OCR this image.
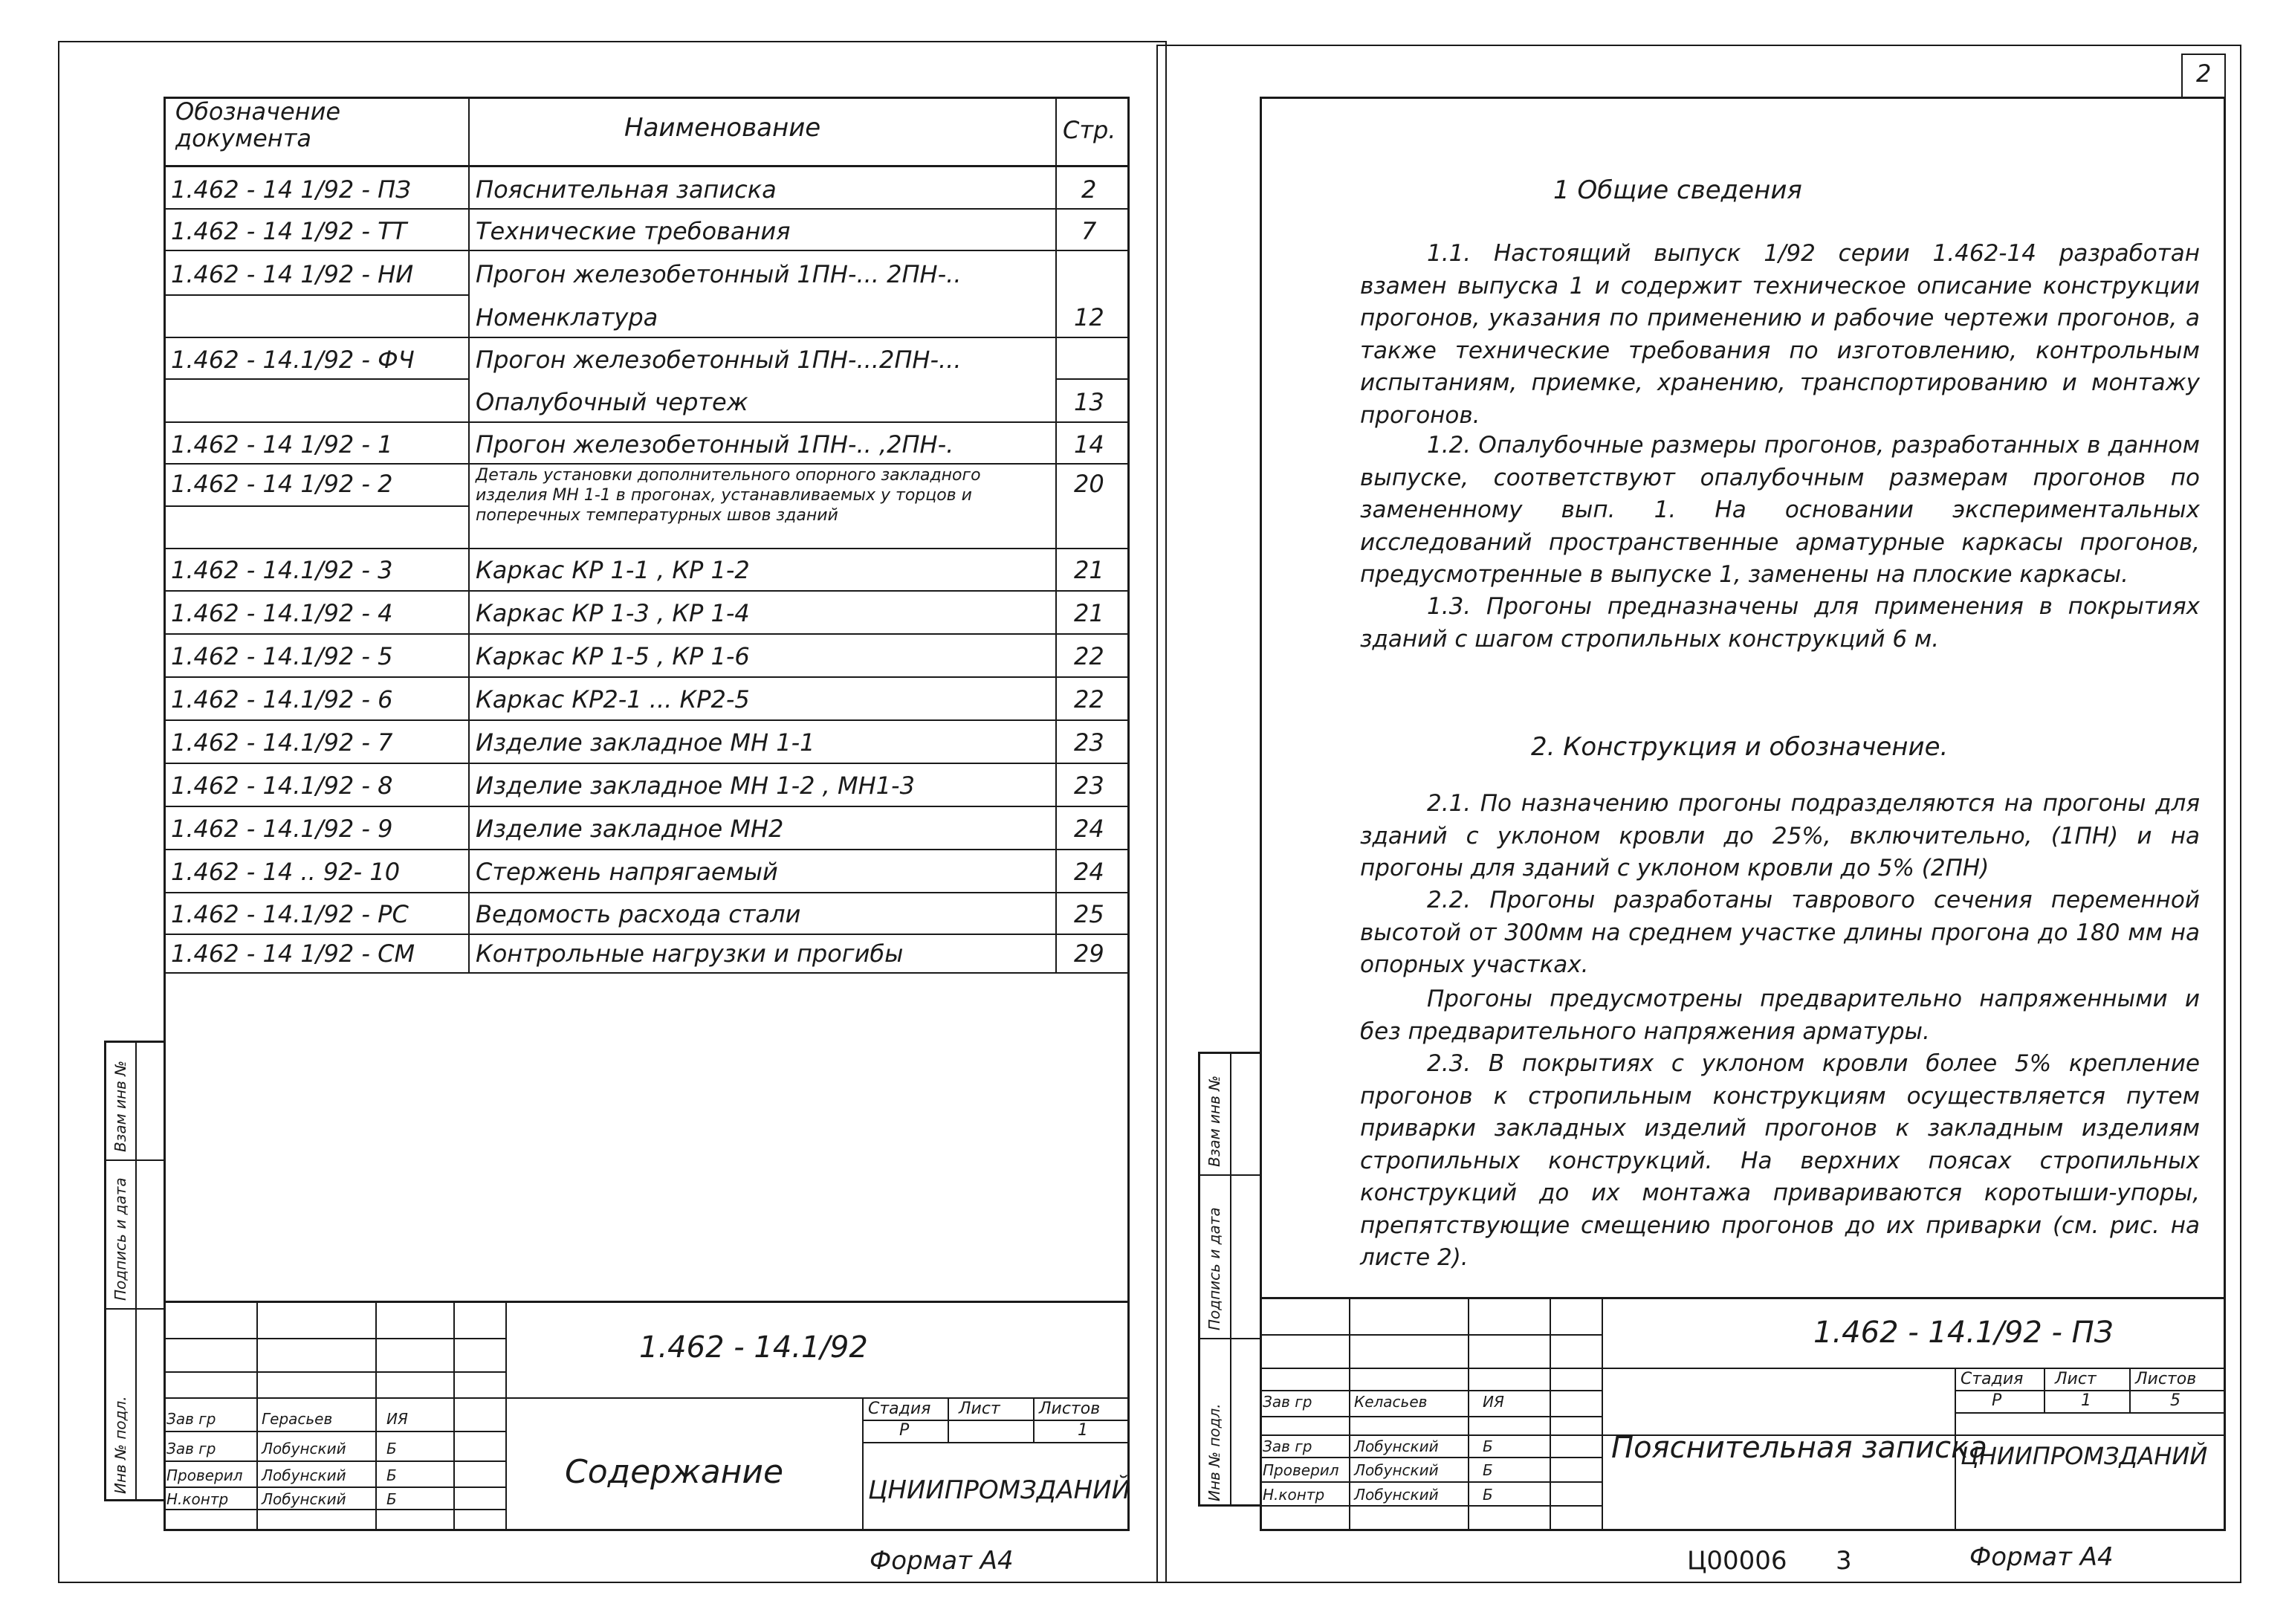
Инв № подл.
Подпись и дата
Взам инв №
Обозначение документа	Наименование	Стр.
1.462 - 14 1/92 - ПЗ	Пояснительная записка	2
1.462 - 14 1/92 - ТТ	Технические требования	7
1.462 - 14 1/92 - НИ	Прогон железобетонный 1ПН-... 2ПН-..
Номенклатура	12
1.462 - 14.1/92 - ФЧ	Прогон железобетонный 1ПН-...2ПН-...
Опалубочный чертеж	13
1.462 - 14 1/92 - 1	Прогон железобетонный 1ПН-.. ,2ПН-.	14
1.462 - 14 1/92 - 2	Деталь установки дополнительного опорного закладного изделия МН 1-1 в прогонах, устанавливаемых у торцов и поперечных температурных швов зданий
20
1.462 - 14.1/92 - 3	Каркас КР 1-1 , КР 1-2	21
1.462 - 14.1/92 - 4	Каркас КР 1-3 , КР 1-4	21
1.462 - 14.1/92 - 5	Каркас КР 1-5 , КР 1-6	22
1.462 - 14.1/92 - 6	Каркас КР2-1 ... КР2-5	22
1.462 - 14.1/92 - 7	Изделие закладное МН 1-1	23
1.462 - 14.1/92 - 8	Изделие закладное МН 1-2 , МН1-3	23
1.462 - 14.1/92 - 9	Изделие закладное МН2	24
1.462 - 14 .. 92- 10	Стержень напрягаемый	24
1.462 - 14.1/92 - РС	Ведомость расхода стали	25
1.462 - 14 1/92 - СМ	Контрольные нагрузки и прогибы	29
1.462 - 14.1/92
Содержание
Стадия Лист Листов
Р	1
ЦНИИПРОМЗДАНИЙ
Зав гр	Герасьев	ИЯ
Зав гр	Лобунский	Б
Проверил Лобунский	Б
Н.контр Лобунский	Б
Формат А4
2
Инв № подл.
Подпись и дата
Взам инв №
1 Общие сведения

1.1. Настоящий выпуск 1/92 серии 1.462-14 разработан взамен выпуска 1 и содержит техническое описание конструкции прогонов, указания по применению и рабочие чертежи прогонов, а также технические требования по изготовлению, контрольным испытаниям, приемке, хранению, транспортированию и монтажу прогонов.

1.2. Опалубочные размеры прогонов, разработанных в данном выпуске, соответствуют опалубочным размерам прогонов по замененному вып. 1. На основании экспериментальных исследований пространственные арматурные каркасы прогонов, предусмотренные в выпуске 1, заменены на плоские каркасы.

1.3. Прогоны предназначены для применения в покрытиях зданий с шагом стропильных конструкций 6 м.

2. Конструкция и обозначение.

2.1. По назначению прогоны подразделяются на прогоны для зданий с уклоном кровли до 25%, включительно, (1ПН) и на прогоны для зданий с уклоном кровли до 5% (2ПН)

2.2. Прогоны разработаны таврового сечения переменной высотой от 300мм на среднем участке длины прогона до 180 мм на опорных участках.

Прогоны предусмотрены предварительно напряженными и без предварительного напряжения арматуры.

2.3. В покрытиях с уклоном кровли более 5% крепление прогонов к стропильным конструкциям осуществляется путем приварки закладных изделий прогонов к закладным изделиям стропильных конструкций. На верхних поясах стропильных конструкций до их монтажа привариваются коротыши-упоры, препятствующие смещению прогонов до их приварки (см. рис. на листе 2).

1.462 - 14.1/92 - ПЗ
Пояснительная записка
Стадия Лист Листов
Р	1	5
ЦНИИПРОМЗДАНИЙ
Зав гр	Келасьев	ИЯ
Зав гр	Лобунский	Б
Проверил Лобунский	Б
Н.контр Лобунский	Б
Ц00006 3	Формат А4
